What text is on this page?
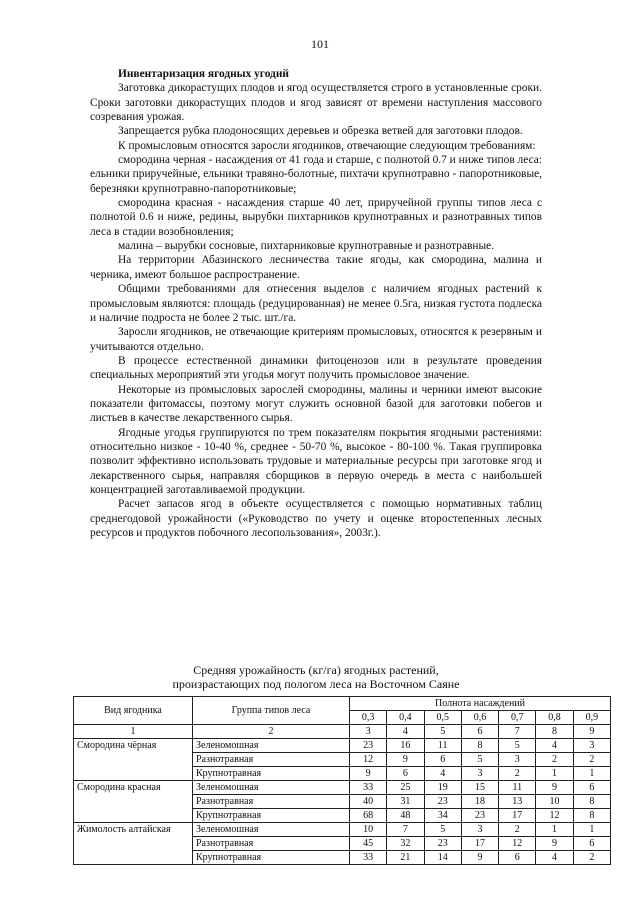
101
Инвентаризация ягодных угодий

Заготовка дикорастущих плодов и ягод осуществляется строго в установленные сроки. Сроки заготовки дикорастущих плодов и ягод зависят от времени наступления массового созревания урожая.

Запрещается рубка плодоносящих деревьев и обрезка ветвей для заготовки плодов.

К промысловым относятся заросли ягодников, отвечающие следующим требованиям:

смородина черная - насаждения от 41 года и старше, с полнотой 0.7 и ниже типов леса: ельники приручейные, ельники травяно-болотные, пихтачи крупнотравно - папоротниковые, березняки крупнотравно-папоротниковые;

смородина красная - насаждения старше 40 лет, приручейной группы типов леса с полнотой 0.6 и ниже, редины, вырубки пихтарников крупнотравных и разнотравных типов леса в стадии возобновления;

малина – вырубки сосновые, пихтарниковые крупнотравные и разнотравные.

На территории Абазинского лесничества такие ягоды, как смородина, малина и черника, имеют большое распространение.

Общими требованиями для отнесения выделов с наличием ягодных растений к промысловым являются: площадь (редуцированная) не менее 0.5га, низкая густота подлеска и наличие подроста не более 2 тыс. шт./га.

Заросли ягодников, не отвечающие критериям промысловых, относятся к резервным и учитываются отдельно.

В процессе естественной динамики фитоценозов или в результате проведения специальных мероприятий эти угодья могут получить промысловое значение.

Некоторые из промысловых зарослей смородины, малины и черники имеют высокие показатели фитомассы, поэтому могут служить основной базой для заготовки побегов и листьев в качестве лекарственного сырья.

Ягодные угодья группируются по трем показателям покрытия ягодными растениями: относительно низкое - 10-40 %, среднее - 50-70 %, высокое - 80-100 %. Такая группировка позволит эффективно использовать трудовые и материальные ресурсы при заготовке ягод и лекарственного сырья, направляя сборщиков в первую очередь в места с наибольшей концентрацией заготавливаемой продукции.

Расчет запасов ягод в объекте осуществляется с помощью нормативных таблиц среднегодовой урожайности («Руководство по учету и оценке второстепенных лесных ресурсов и продуктов побочного лесопользования», 2003г.).

Средняя урожайность (кг/га) ягодных растений,
произрастающих под пологом леса на Восточном Саяне
Вид ягодника	Группа типов леса	Полнота насаждений						
		0,3	0,4	0,5	0,6	0,7	0,8	0,9
1	2	3	4	5	6	7	8	9
Смородина чёрная	Зеленомошная	23	16	11	8	5	4	3
	Разнотравная	12	9	6	5	3	2	2
	Крупнотравная	9	6	4	3	2	1	1
Смородина красная	Зеленомошная	33	25	19	15	11	9	6
	Разнотравная	40	31	23	18	13	10	8
	Крупнотравная	68	48	34	23	17	12	8
Жимолость алтайская	Зеленомошная	10	7	5	3	2	1	1
	Разнотравная	45	32	23	17	12	9	6
	Крупнотравная	33	21	14	9	6	4	2
